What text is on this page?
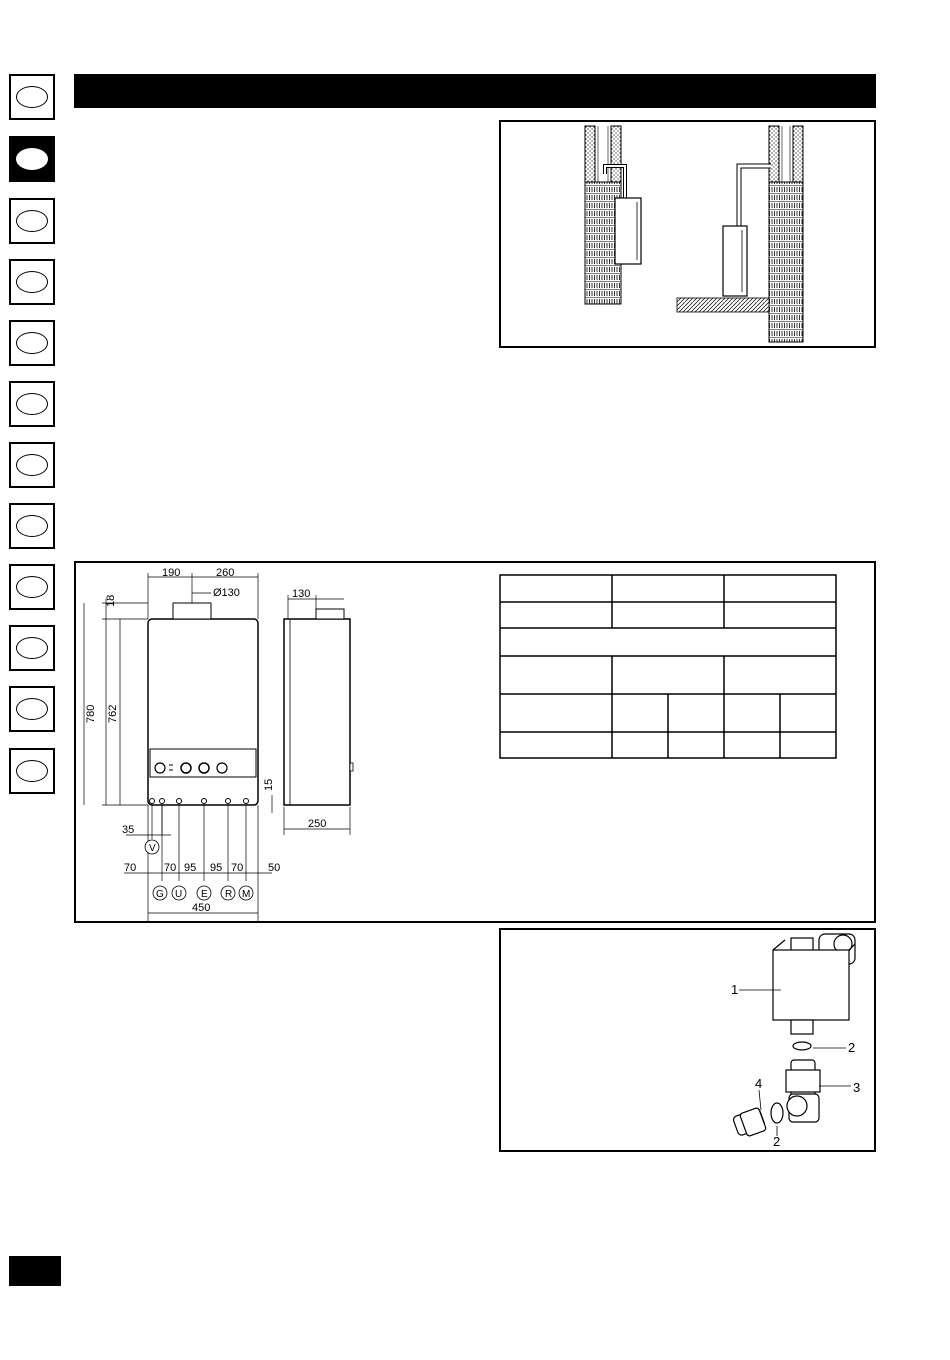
190	260
Ø130	130
18
780 762
15
250
35
70	70 95 95 70 50
450
V
G U E R M
1
2
3
4
2
